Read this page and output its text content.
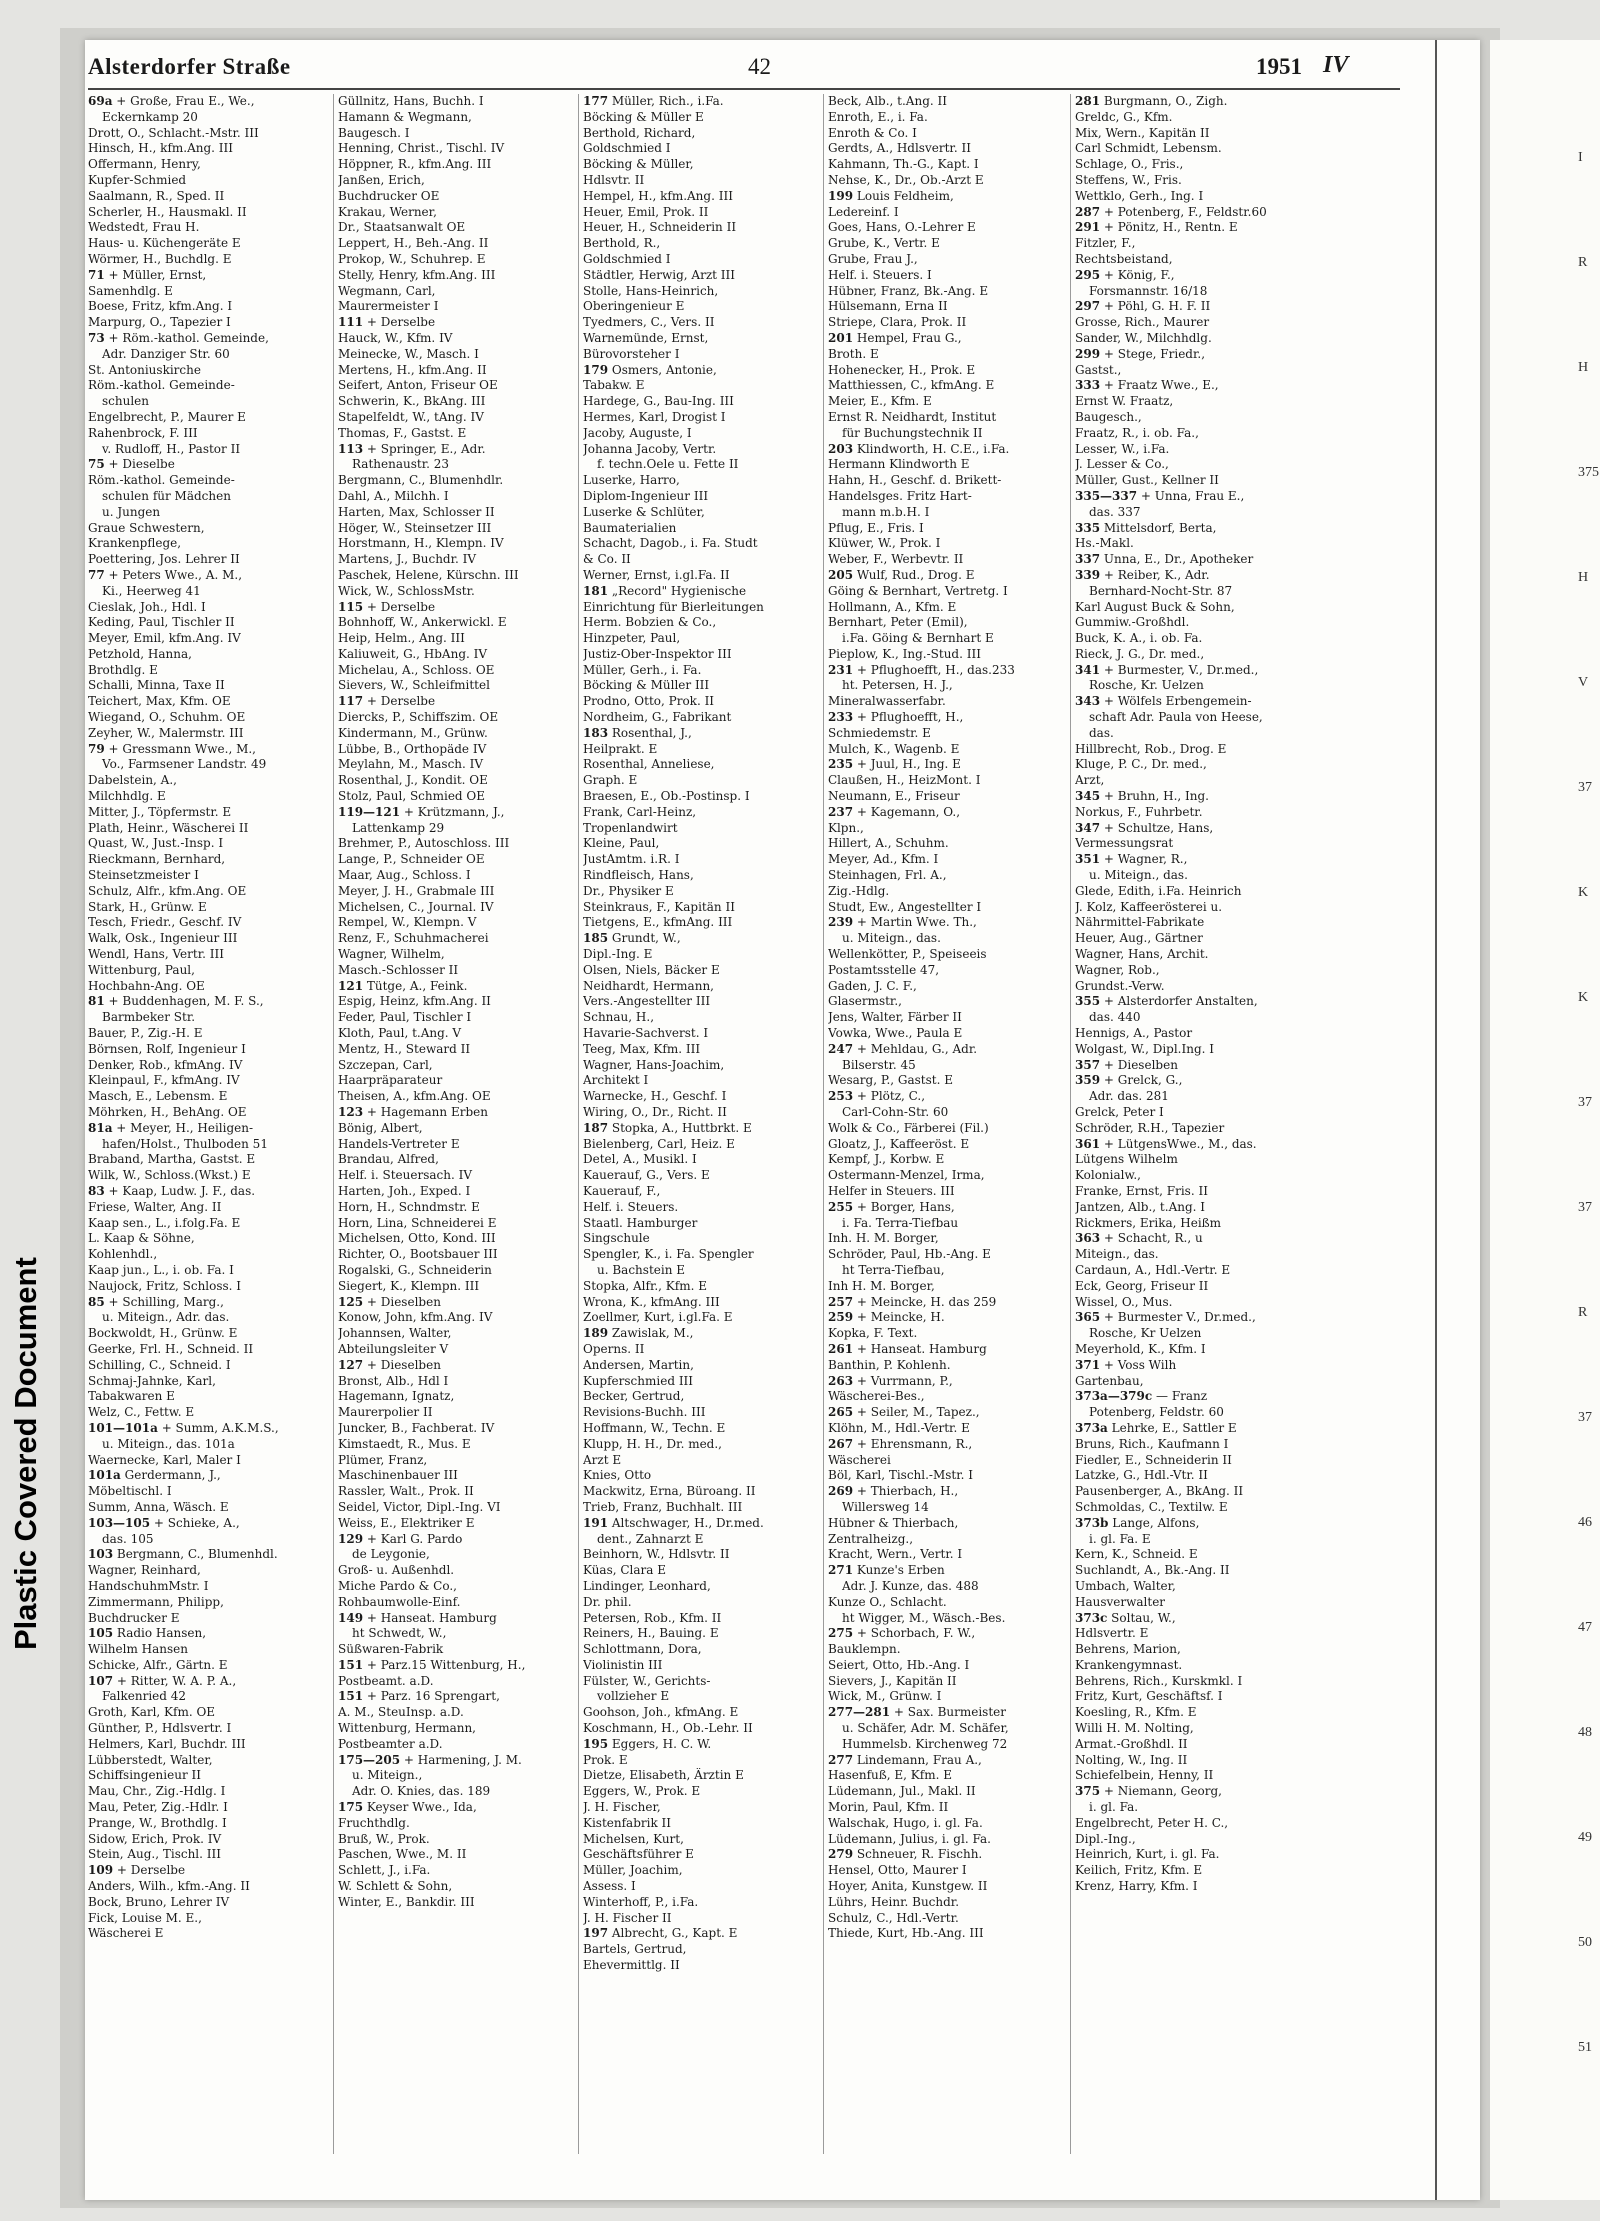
I
R
H
375
H
V
37
K
K
37
37
R
37
46
47
48
49
50
51
Plastic Covered Document
Alsterdorfer Straße	42	1951 IV
69a + Große, Frau E., We.,
Eckernkamp 20
Drott, O., Schlacht.-Mstr. III
Hinsch, H., kfm.Ang. III
Offermann, Henry,
Kupfer-Schmied
Saalmann, R., Sped. II
Scherler, H., Hausmakl. II
Wedstedt, Frau H.
Haus- u. Küchengeräte E
Wörmer, H., Buchdlg. E
71 + Müller, Ernst,
Samenhdlg. E
Boese, Fritz, kfm.Ang. I
Marpurg, O., Tapezier I
73 + Röm.-kathol. Gemeinde,
Adr. Danziger Str. 60
St. Antoniuskirche
Röm.-kathol. Gemeinde-
schulen
Engelbrecht, P., Maurer E
Rahenbrock, F. III
v. Rudloff, H., Pastor II
75 + Dieselbe
Röm.-kathol. Gemeinde-
schulen für Mädchen
u. Jungen
Graue Schwestern,
Krankenpflege,
Poettering, Jos. Lehrer II
77 + Peters Wwe., A. M.,
Ki., Heerweg 41
Cieslak, Joh., Hdl. I
Keding, Paul, Tischler II
Meyer, Emil, kfm.Ang. IV
Petzhold, Hanna,
Brothdlg. E
Schalli, Minna, Taxe II
Teichert, Max, Kfm. OE
Wiegand, O., Schuhm. OE
Zeyher, W., Malermstr. III
79 + Gressmann Wwe., M.,
Vo., Farmsener Landstr. 49
Dabelstein, A.,
Milchhdlg. E
Mitter, J., Töpfermstr. E
Plath, Heinr., Wäscherei II
Quast, W., Just.-Insp. I
Rieckmann, Bernhard,
Steinsetzmeister I
Schulz, Alfr., kfm.Ang. OE
Stark, H., Grünw. E
Tesch, Friedr., Geschf. IV
Walk, Osk., Ingenieur III
Wendl, Hans, Vertr. III
Wittenburg, Paul,
Hochbahn-Ang. OE
81 + Buddenhagen, M. F. S.,
Barmbeker Str.
Bauer, P., Zig.-H. E
Börnsen, Rolf, Ingenieur I
Denker, Rob., kfmAng. IV
Kleinpaul, F., kfmAng. IV
Masch, E., Lebensm. E
Möhrken, H., BehAng. OE
81a + Meyer, H., Heiligen-
hafen/Holst., Thulboden 51
Braband, Martha, Gastst. E
Wilk, W., Schloss.(Wkst.) E
83 + Kaap, Ludw. J. F., das.
Friese, Walter, Ang. II
Kaap sen., L., i.folg.Fa. E
L. Kaap & Söhne,
Kohlenhdl.,
Kaap jun., L., i. ob. Fa. I
Naujock, Fritz, Schloss. I
85 + Schilling, Marg.,
u. Miteign., Adr. das.
Bockwoldt, H., Grünw. E
Geerke, Frl. H., Schneid. II
Schilling, C., Schneid. I
Schmaj-Jahnke, Karl,
Tabakwaren E
Welz, C., Fettw. E
101—101a + Summ, A.K.M.S.,
u. Miteign., das. 101a
Waernecke, Karl, Maler I
101a Gerdermann, J.,
Möbeltischl. I
Summ, Anna, Wäsch. E
103—105 + Schieke, A.,
das. 105
103 Bergmann, C., Blumenhdl.
Wagner, Reinhard,
HandschuhmMstr. I
Zimmermann, Philipp,
Buchdrucker E
105 Radio Hansen,
Wilhelm Hansen
Schicke, Alfr., Gärtn. E
107 + Ritter, W. A. P. A.,
Falkenried 42
Groth, Karl, Kfm. OE
Günther, P., Hdlsvertr. I
Helmers, Karl, Buchdr. III
Lübberstedt, Walter,
Schiffsingenieur II
Mau, Chr., Zig.-Hdlg. I
Mau, Peter, Zig.-Hdlr. I
Prange, W., Brothdlg. I
Sidow, Erich, Prok. IV
Stein, Aug., Tischl. III
109 + Derselbe
Anders, Wilh., kfm.-Ang. II
Bock, Bruno, Lehrer IV
Fick, Louise M. E.,
Wäscherei E
Güllnitz, Hans, Buchh. I
Hamann & Wegmann,
Baugesch. I
Henning, Christ., Tischl. IV
Höppner, R., kfm.Ang. III
Janßen, Erich,
Buchdrucker OE
Krakau, Werner,
Dr., Staatsanwalt OE
Leppert, H., Beh.-Ang. II
Prokop, W., Schuhrep. E
Stelly, Henry, kfm.Ang. III
Wegmann, Carl,
Maurermeister I
111 + Derselbe
Hauck, W., Kfm. IV
Meinecke, W., Masch. I
Mertens, H., kfm.Ang. II
Seifert, Anton, Friseur OE
Schwerin, K., BkAng. III
Stapelfeldt, W., tAng. IV
Thomas, F., Gastst. E
113 + Springer, E., Adr.
Rathenaustr. 23
Bergmann, C., Blumenhdlr.
Dahl, A., Milchh. I
Harten, Max, Schlosser II
Höger, W., Steinsetzer III
Horstmann, H., Klempn. IV
Martens, J., Buchdr. IV
Paschek, Helene, Kürschn. III
Wick, W., SchlossMstr.
115 + Derselbe
Bohnhoff, W., Ankerwickl. E
Heip, Helm., Ang. III
Kaliuweit, G., HbAng. IV
Michelau, A., Schloss. OE
Sievers, W., Schleifmittel
117 + Derselbe
Diercks, P., Schiffszim. OE
Kindermann, M., Grünw.
Lübbe, B., Orthopäde IV
Meylahn, M., Masch. IV
Rosenthal, J., Kondit. OE
Stolz, Paul, Schmied OE
119—121 + Krützmann, J.,
Lattenkamp 29
Brehmer, P., Autoschloss. III
Lange, P., Schneider OE
Maar, Aug., Schloss. I
Meyer, J. H., Grabmale III
Michelsen, C., Journal. IV
Rempel, W., Klempn. V
Renz, F., Schuhmacherei
Wagner, Wilhelm,
Masch.-Schlosser II
121 Tütge, A., Feink.
Espig, Heinz, kfm.Ang. II
Feder, Paul, Tischler I
Kloth, Paul, t.Ang. V
Mentz, H., Steward II
Szczepan, Carl,
Haarpräparateur
Theisen, A., kfm.Ang. OE
123 + Hagemann Erben
Bönig, Albert,
Handels-Vertreter E
Brandau, Alfred,
Helf. i. Steuersach. IV
Harten, Joh., Exped. I
Horn, H., Schndmstr. E
Horn, Lina, Schneiderei E
Michelsen, Otto, Kond. III
Richter, O., Bootsbauer III
Rogalski, G., Schneiderin
Siegert, K., Klempn. III
125 + Dieselben
Konow, John, kfm.Ang. IV
Johannsen, Walter,
Abteilungsleiter V
127 + Dieselben
Bronst, Alb., Hdl I
Hagemann, Ignatz,
Maurerpolier II
Juncker, B., Fachberat. IV
Kimstaedt, R., Mus. E
Plümer, Franz,
Maschinenbauer III
Rassler, Walt., Prok. II
Seidel, Victor, Dipl.-Ing. VI
Weiss, E., Elektriker E
129 + Karl G. Pardo
de Leygonie,
Groß- u. Außenhdl.
Miche Pardo & Co.,
Rohbaumwolle-Einf.
149 + Hanseat. Hamburg
ht Schwedt, W.,
Süßwaren-Fabrik
151 + Parz.15 Wittenburg, H.,
Postbeamt. a.D.
151 + Parz. 16 Sprengart,
A. M., SteuInsp. a.D.
Wittenburg, Hermann,
Postbeamter a.D.
175—205 + Harmening, J. M.
u. Miteign.,
Adr. O. Knies, das. 189
175 Keyser Wwe., Ida,
Fruchthdlg.
Bruß, W., Prok.
Paschen, Wwe., M. II
Schlett, J., i.Fa.
W. Schlett & Sohn,
Winter, E., Bankdir. III
177 Müller, Rich., i.Fa.
Böcking & Müller E
Berthold, Richard,
Goldschmied I
Böcking & Müller,
Hdlsvtr. II
Hempel, H., kfm.Ang. III
Heuer, Emil, Prok. II
Heuer, H., Schneiderin II
Berthold, R.,
Goldschmied I
Städtler, Herwig, Arzt III
Stolle, Hans-Heinrich,
Oberingenieur E
Tyedmers, C., Vers. II
Warnemünde, Ernst,
Bürovorsteher I
179 Osmers, Antonie,
Tabakw. E
Hardege, G., Bau-Ing. III
Hermes, Karl, Drogist I
Jacoby, Auguste, I
Johanna Jacoby, Vertr.
f. techn.Oele u. Fette II
Luserke, Harro,
Diplom-Ingenieur III
Luserke & Schlüter,
Baumaterialien
Schacht, Dagob., i. Fa. Studt
& Co. II
Werner, Ernst, i.gl.Fa. II
181 „Record" Hygienische
Einrichtung für Bierleitungen
Herm. Bobzien & Co.,
Hinzpeter, Paul,
Justiz-Ober-Inspektor III
Müller, Gerh., i. Fa.
Böcking & Müller III
Prodno, Otto, Prok. II
Nordheim, G., Fabrikant
183 Rosenthal, J.,
Heilprakt. E
Rosenthal, Anneliese,
Graph. E
Braesen, E., Ob.-Postinsp. I
Frank, Carl-Heinz,
Tropenlandwirt
Kleine, Paul,
JustAmtm. i.R. I
Rindfleisch, Hans,
Dr., Physiker E
Steinkraus, F., Kapitän II
Tietgens, E., kfmAng. III
185 Grundt, W.,
Dipl.-Ing. E
Olsen, Niels, Bäcker E
Neidhardt, Hermann,
Vers.-Angestellter III
Schnau, H.,
Havarie-Sachverst. I
Teeg, Max, Kfm. III
Wagner, Hans-Joachim,
Architekt I
Warnecke, H., Geschf. I
Wiring, O., Dr., Richt. II
187 Stopka, A., Huttbrkt. E
Bielenberg, Carl, Heiz. E
Detel, A., Musikl. I
Kauerauf, G., Vers. E
Kauerauf, F.,
Helf. i. Steuers.
Staatl. Hamburger
Singschule
Spengler, K., i. Fa. Spengler
u. Bachstein E
Stopka, Alfr., Kfm. E
Wrona, K., kfmAng. III
Zoellmer, Kurt, i.gl.Fa. E
189 Zawislak, M.,
Operns. II
Andersen, Martin,
Kupferschmied III
Becker, Gertrud,
Revisions-Buchh. III
Hoffmann, W., Techn. E
Klupp, H. H., Dr. med.,
Arzt E
Knies, Otto
Mackwitz, Erna, Büroang. II
Trieb, Franz, Buchhalt. III
191 Altschwager, H., Dr.med.
dent., Zahnarzt E
Beinhorn, W., Hdlsvtr. II
Küas, Clara E
Lindinger, Leonhard,
Dr. phil.
Petersen, Rob., Kfm. II
Reiners, H., Bauing. E
Schlottmann, Dora,
Violinistin III
Fülster, W., Gerichts-
vollzieher E
Goohson, Joh., kfmAng. E
Koschmann, H., Ob.-Lehr. II
195 Eggers, H. C. W.
Prok. E
Dietze, Elisabeth, Ärztin E
Eggers, W., Prok. E
J. H. Fischer,
Kistenfabrik II
Michelsen, Kurt,
Geschäftsführer E
Müller, Joachim,
Assess. I
Winterhoff, P., i.Fa.
J. H. Fischer II
197 Albrecht, G., Kapt. E
Bartels, Gertrud,
Ehevermittlg. II
Beck, Alb., t.Ang. II
Enroth, E., i. Fa.
Enroth & Co. I
Gerdts, A., Hdlsvertr. II
Kahmann, Th.-G., Kapt. I
Nehse, K., Dr., Ob.-Arzt E
199 Louis Feldheim,
Ledereinf. I
Goes, Hans, O.-Lehrer E
Grube, K., Vertr. E
Grube, Frau J.,
Helf. i. Steuers. I
Hübner, Franz, Bk.-Ang. E
Hülsemann, Erna II
Striepe, Clara, Prok. II
201 Hempel, Frau G.,
Broth. E
Hohenecker, H., Prok. E
Matthiessen, C., kfmAng. E
Meier, E., Kfm. E
Ernst R. Neidhardt, Institut
für Buchungstechnik II
203 Klindworth, H. C.E., i.Fa.
Hermann Klindworth E
Hahn, H., Geschf. d. Brikett-
Handelsges. Fritz Hart-
mann m.b.H. I
Pflug, E., Fris. I
Klüwer, W., Prok. I
Weber, F., Werbevtr. II
205 Wulf, Rud., Drog. E
Göing & Bernhart, Vertretg. I
Hollmann, A., Kfm. E
Bernhart, Peter (Emil),
i.Fa. Göing & Bernhart E
Pieplow, K., Ing.-Stud. III
231 + Pflughoefft, H., das.233
ht. Petersen, H. J.,
Mineralwasserfabr.
233 + Pflughoefft, H.,
Schmiedemstr. E
Mulch, K., Wagenb. E
235 + Juul, H., Ing. E
Claußen, H., HeizMont. I
Neumann, E., Friseur
237 + Kagemann, O.,
Klpn.,
Hillert, A., Schuhm.
Meyer, Ad., Kfm. I
Steinhagen, Frl. A.,
Zig.-Hdlg.
Studt, Ew., Angestellter I
239 + Martin Wwe. Th.,
u. Miteign., das.
Wellenkötter, P., Speiseeis
Postamtsstelle 47,
Gaden, J. C. F.,
Glasermstr.,
Jens, Walter, Färber II
Vowka, Wwe., Paula E
247 + Mehldau, G., Adr.
Bilserstr. 45
Wesarg, P., Gastst. E
253 + Plötz, C.,
Carl-Cohn-Str. 60
Wolk & Co., Färberei (Fil.)
Gloatz, J., Kaffeeröst. E
Kempf, J., Korbw. E
Ostermann-Menzel, Irma,
Helfer in Steuers. III
255 + Borger, Hans,
i. Fa. Terra-Tiefbau
Inh. H. M. Borger,
Schröder, Paul, Hb.-Ang. E
ht Terra-Tiefbau,
Inh H. M. Borger,
257 + Meincke, H. das 259
259 + Meincke, H.
Kopka, F. Text.
261 + Hanseat. Hamburg
Banthin, P. Kohlenh.
263 + Vurrmann, P.,
Wäscherei-Bes.,
265 + Seiler, M., Tapez.,
Klöhn, M., Hdl.-Vertr. E
267 + Ehrensmann, R.,
Wäscherei
Böl, Karl, Tischl.-Mstr. I
269 + Thierbach, H.,
Willersweg 14
Hübner & Thierbach,
Zentralheizg.,
Kracht, Wern., Vertr. I
271 Kunze's Erben
Adr. J. Kunze, das. 488
Kunze O., Schlacht.
ht Wigger, M., Wäsch.-Bes.
275 + Schorbach, F. W.,
Bauklempn.
Seiert, Otto, Hb.-Ang. I
Sievers, J., Kapitän II
Wick, M., Grünw. I
277—281 + Sax. Burmeister
u. Schäfer, Adr. M. Schäfer,
Hummelsb. Kirchenweg 72
277 Lindemann, Frau A.,
Hasenfuß, E, Kfm. E
Lüdemann, Jul., Makl. II
Morin, Paul, Kfm. II
Walschak, Hugo, i. gl. Fa.
Lüdemann, Julius, i. gl. Fa.
279 Schneuer, R. Fischh.
Hensel, Otto, Maurer I
Hoyer, Anita, Kunstgew. II
Lührs, Heinr. Buchdr.
Schulz, C., Hdl.-Vertr.
Thiede, Kurt, Hb.-Ang. III
281 Burgmann, O., Zigh.
Greldc, G., Kfm.
Mix, Wern., Kapitän II
Carl Schmidt, Lebensm.
Schlage, O., Fris.,
Steffens, W., Fris.
Wettklo, Gerh., Ing. I
287 + Potenberg, F., Feldstr.60
291 + Pönitz, H., Rentn. E
Fitzler, F.,
Rechtsbeistand,
295 + König, F.,
Forsmannstr. 16/18
297 + Pöhl, G. H. F. II
Grosse, Rich., Maurer
Sander, W., Milchhdlg.
299 + Stege, Friedr.,
Gastst.,
333 + Fraatz Wwe., E.,
Ernst W. Fraatz,
Baugesch.,
Fraatz, R., i. ob. Fa.,
Lesser, W., i.Fa.
J. Lesser & Co.,
Müller, Gust., Kellner II
335—337 + Unna, Frau E.,
das. 337
335 Mittelsdorf, Berta,
Hs.-Makl.
337 Unna, E., Dr., Apotheker
339 + Reiber, K., Adr.
Bernhard-Nocht-Str. 87
Karl August Buck & Sohn,
Gummiw.-Großhdl.
Buck, K. A., i. ob. Fa.
Rieck, J. G., Dr. med.,
341 + Burmester, V., Dr.med.,
Rosche, Kr. Uelzen
343 + Wölfels Erbengemein-
schaft Adr. Paula von Heese,
das.
Hillbrecht, Rob., Drog. E
Kluge, P. C., Dr. med.,
Arzt,
345 + Bruhn, H., Ing.
Norkus, F., Fuhrbetr.
347 + Schultze, Hans,
Vermessungsrat
351 + Wagner, R.,
u. Miteign., das.
Glede, Edith, i.Fa. Heinrich
J. Kolz, Kaffeerösterei u.
Nährmittel-Fabrikate
Heuer, Aug., Gärtner
Wagner, Hans, Archit.
Wagner, Rob.,
Grundst.-Verw.
355 + Alsterdorfer Anstalten,
das. 440
Hennigs, A., Pastor
Wolgast, W., Dipl.Ing. I
357 + Dieselben
359 + Grelck, G.,
Adr. das. 281
Grelck, Peter I
Schröder, R.H., Tapezier
361 + LütgensWwe., M., das.
Lütgens Wilhelm
Kolonialw.,
Franke, Ernst, Fris. II
Jantzen, Alb., t.Ang. I
Rickmers, Erika, Heißm
363 + Schacht, R., u
Miteign., das.
Cardaun, A., Hdl.-Vertr. E
Eck, Georg, Friseur II
Wissel, O., Mus.
365 + Burmester V., Dr.med.,
Rosche, Kr Uelzen
Meyerhold, K., Kfm. I
371 + Voss Wilh
Gartenbau,
373a—379c — Franz
Potenberg, Feldstr. 60
373a Lehrke, E., Sattler E
Bruns, Rich., Kaufmann I
Fiedler, E., Schneiderin II
Latzke, G., Hdl.-Vtr. II
Pausenberger, A., BkAng. II
Schmoldas, C., Textilw. E
373b Lange, Alfons,
i. gl. Fa. E
Kern, K., Schneid. E
Suchlandt, A., Bk.-Ang. II
Umbach, Walter,
Hausverwalter
373c Soltau, W.,
Hdlsvertr. E
Behrens, Marion,
Krankengymnast.
Behrens, Rich., Kurskmkl. I
Fritz, Kurt, Geschäftsf. I
Koesling, R., Kfm. E
Willi H. M. Nolting,
Armat.-Großhdl. II
Nolting, W., Ing. II
Schiefelbein, Henny, II
375 + Niemann, Georg,
i. gl. Fa.
Engelbrecht, Peter H. C.,
Dipl.-Ing.,
Heinrich, Kurt, i. gl. Fa.
Keilich, Fritz, Kfm. E
Krenz, Harry, Kfm. I
